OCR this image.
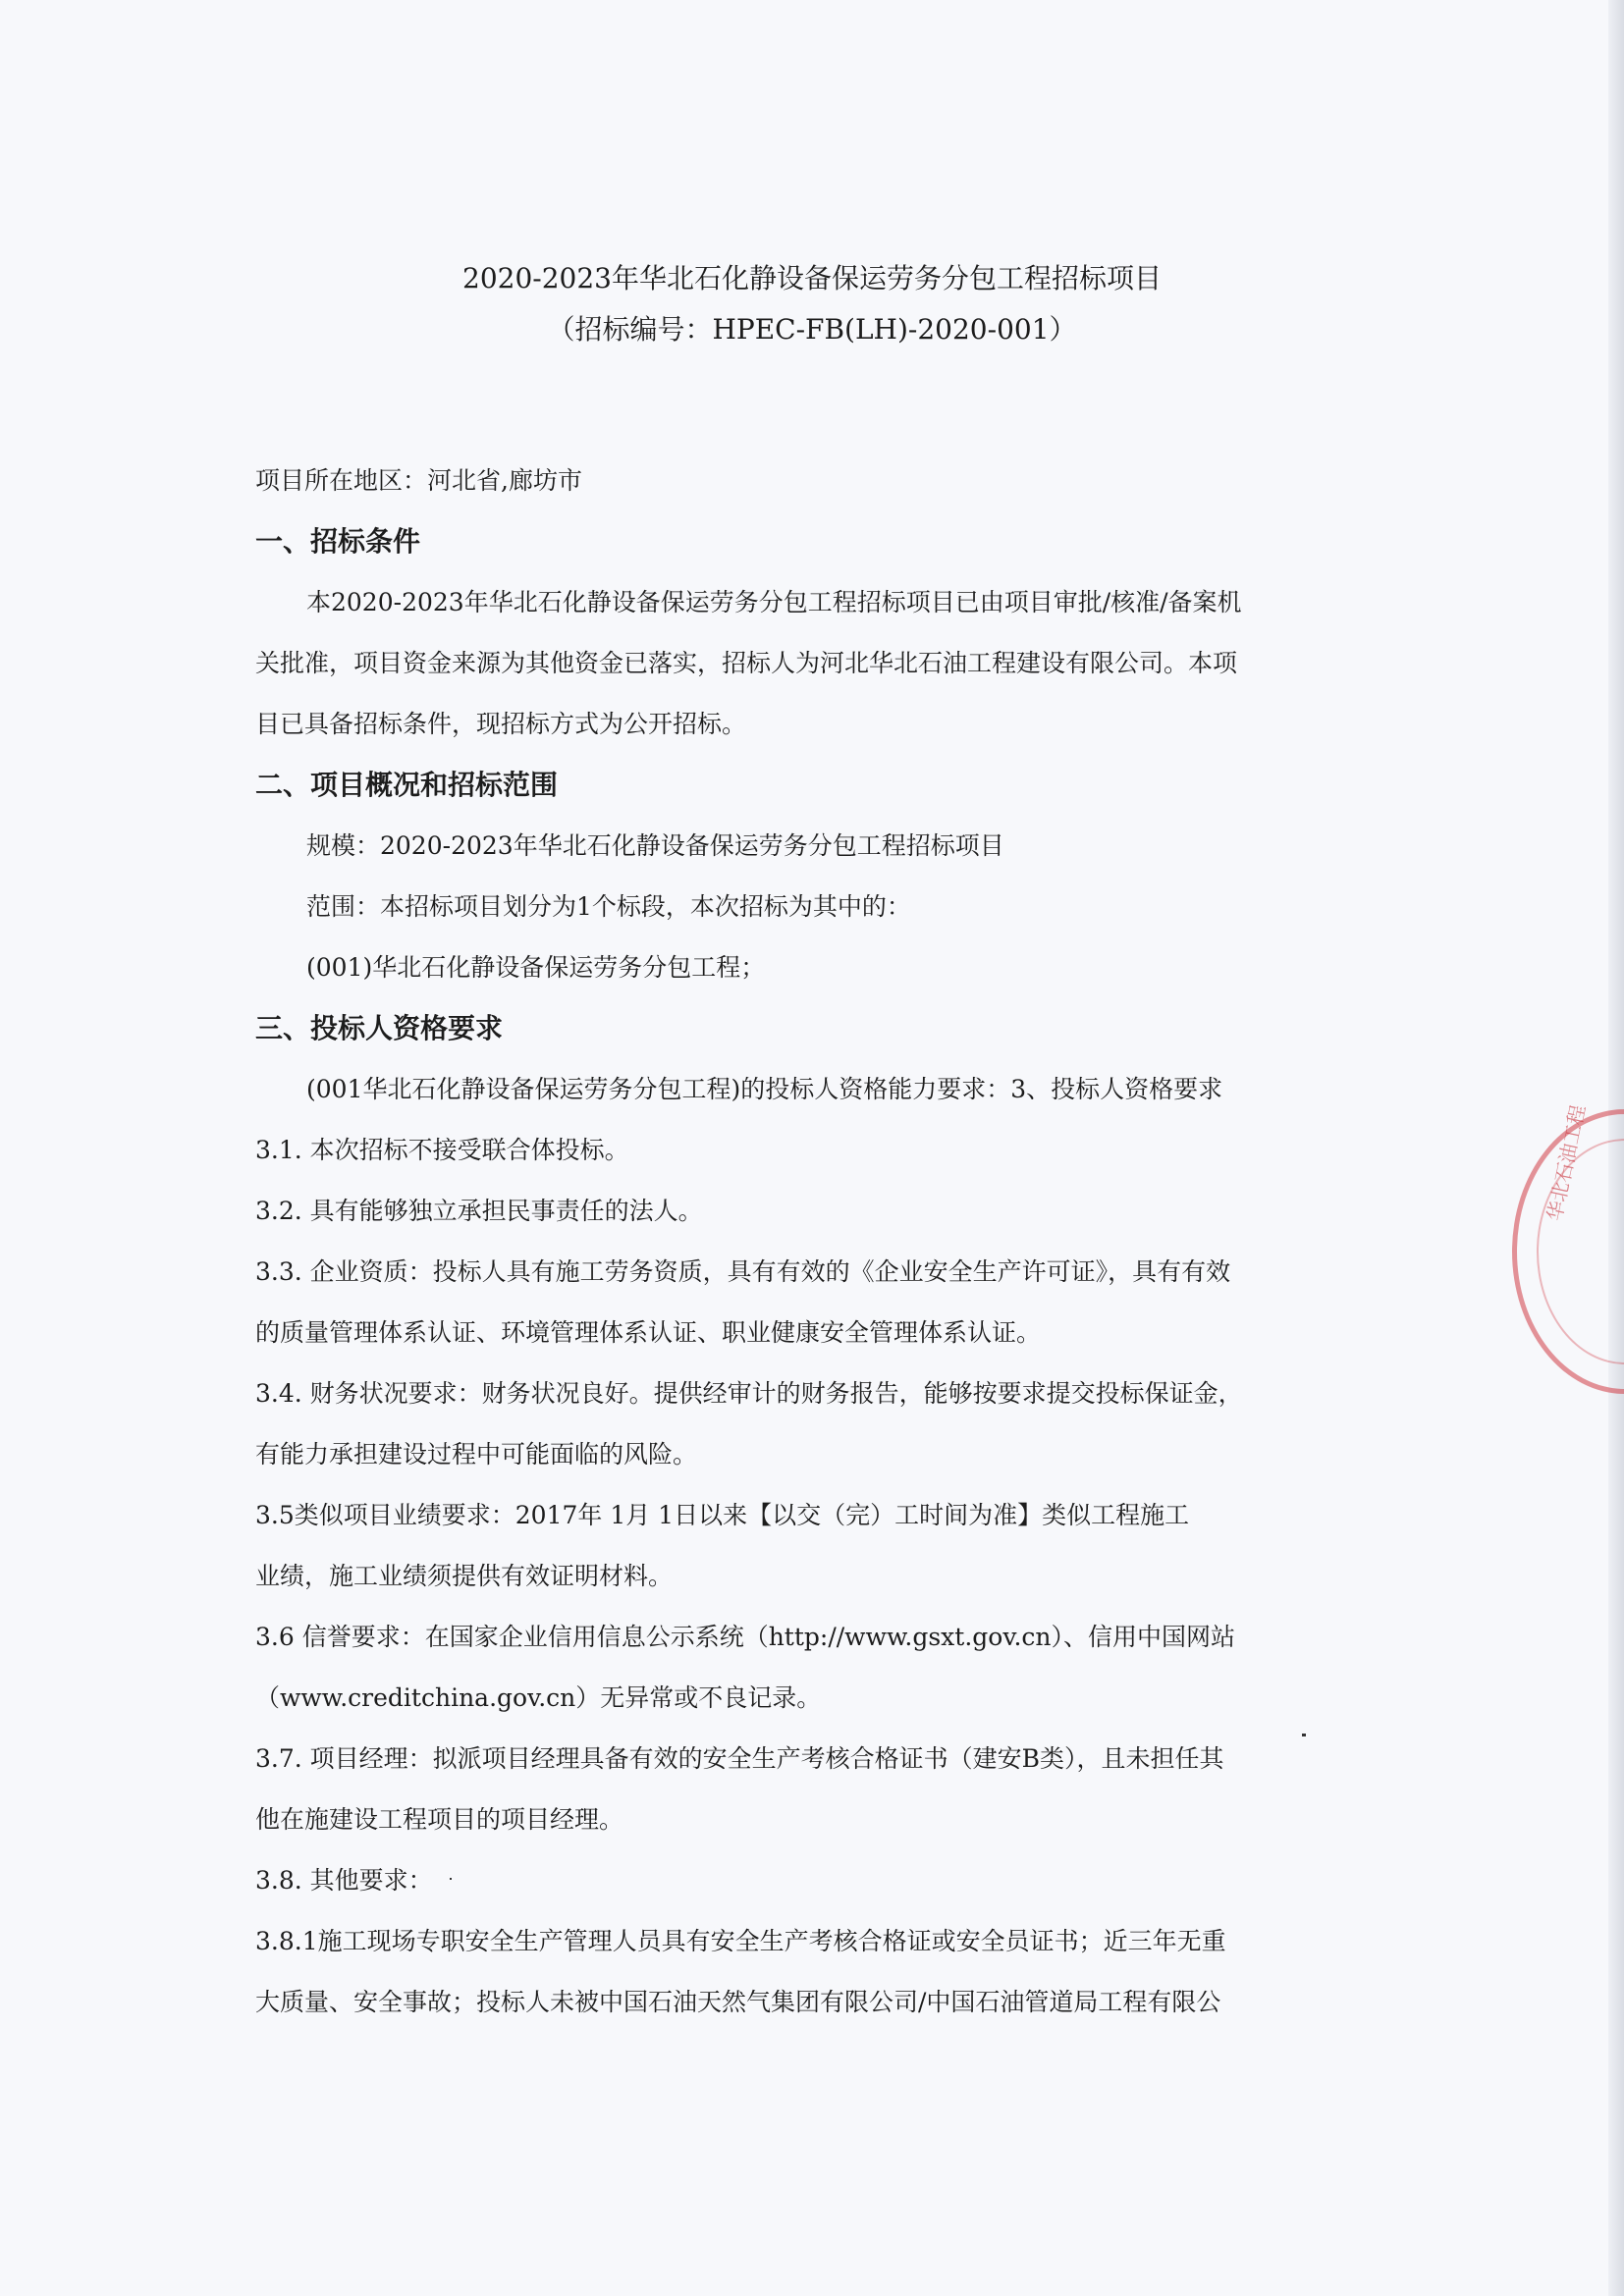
2020-2023年华北石化静设备保运劳务分包工程招标项目
（招标编号：HPEC-FB(LH)-2020-001）
项目所在地区：河北省,廊坊市
一、招标条件
本2020-2023年华北石化静设备保运劳务分包工程招标项目已由项目审批/核准/备案机
关批准，项目资金来源为其他资金已落实，招标人为河北华北石油工程建设有限公司。本项
目已具备招标条件，现招标方式为公开招标。
二、项目概况和招标范围
规模：2020-2023年华北石化静设备保运劳务分包工程招标项目
范围：本招标项目划分为1个标段，本次招标为其中的：
(001)华北石化静设备保运劳务分包工程；
三、投标人资格要求
(001华北石化静设备保运劳务分包工程)的投标人资格能力要求：3、投标人资格要求
3.1. 本次招标不接受联合体投标。
3.2. 具有能够独立承担民事责任的法人。
3.3. 企业资质：投标人具有施工劳务资质，具有有效的《企业安全生产许可证》，具有有效
的质量管理体系认证、环境管理体系认证、职业健康安全管理体系认证。
3.4. 财务状况要求：财务状况良好。提供经审计的财务报告，能够按要求提交投标保证金，
有能力承担建设过程中可能面临的风险。
3.5类似项目业绩要求：2017年 1月 1日以来【以交（完）工时间为准】类似工程施工
业绩，施工业绩须提供有效证明材料。
3.6 信誉要求：在国家企业信用信息公示系统（http://www.gsxt.gov.cn）、信用中国网站
（www.creditchina.gov.cn）无异常或不良记录。
3.7. 项目经理：拟派项目经理具备有效的安全生产考核合格证书（建安B类），且未担任其
他在施建设工程项目的项目经理。
3.8. 其他要求：
3.8.1施工现场专职安全生产管理人员具有安全生产考核合格证或安全员证书；近三年无重
大质量、安全事故；投标人未被中国石油天然气集团有限公司/中国石油管道局工程有限公
华北石油工程
